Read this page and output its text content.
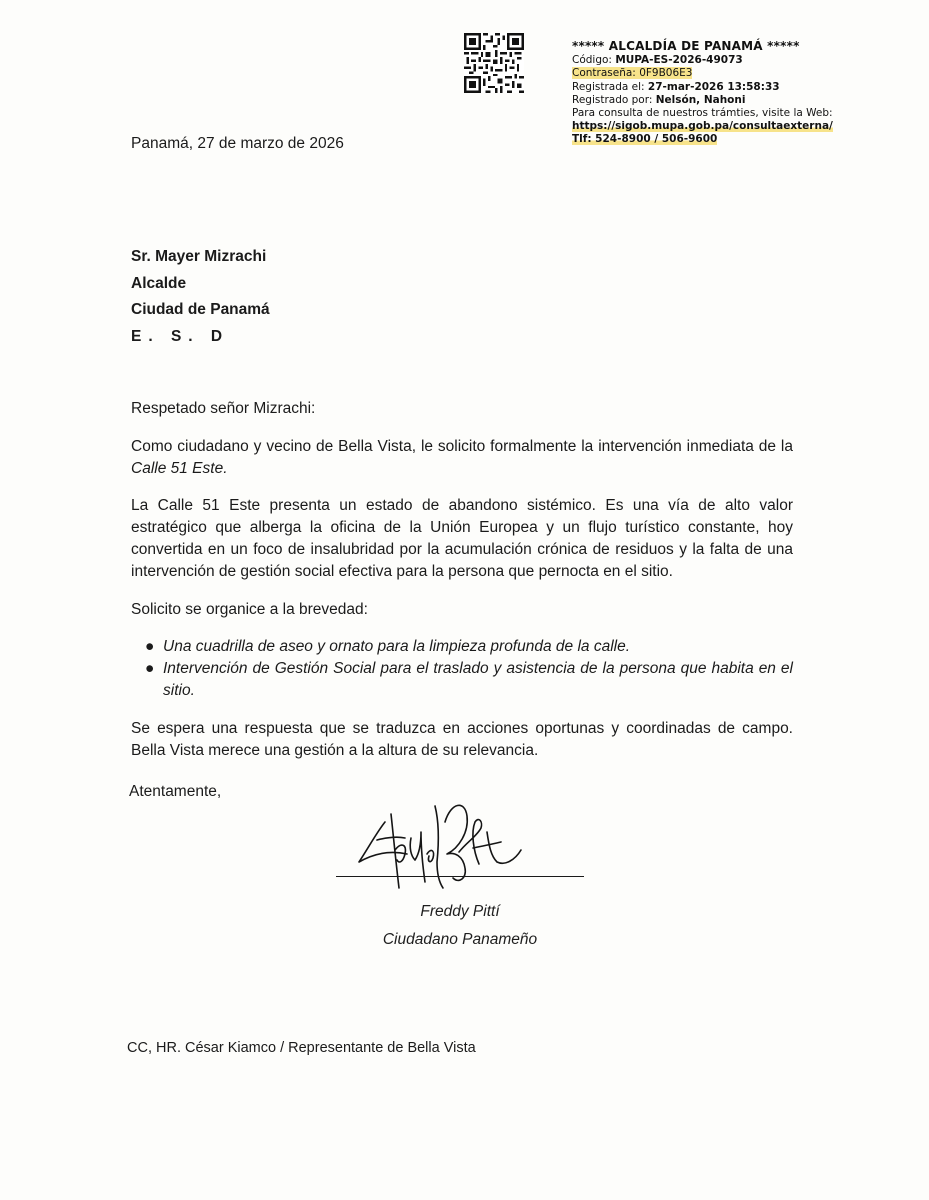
***** ALCALDÍA DE PANAMÁ *****
Código: MUPA-ES-2026-49073
Contraseña: 0F9B06E3
Registrada el: 27-mar-2026 13:58:33
Registrado por: Nelsón, Nahoni
Para consulta de nuestros trámties, visite la Web:
https://sigob.mupa.gob.pa/consultaexterna/
Tlf: 524-8900 / 506-9600
Panamá, 27 de marzo de 2026
Sr. Mayer Mizrachi
Alcalde
Ciudad de Panamá
E. S. D
Respetado señor Mizrachi:
Como ciudadano y vecino de Bella Vista, le solicito formalmente la intervención inmediata de la Calle 51 Este.
La Calle 51 Este presenta un estado de abandono sistémico. Es una vía de alto valor estratégico que alberga la oficina de la Unión Europea y un flujo turístico constante, hoy convertida en un foco de insalubridad por la acumulación crónica de residuos y la falta de una intervención de gestión social efectiva para la persona que pernocta en el sitio.
Solicito se organice a la brevedad:
● Una cuadrilla de aseo y ornato para la limpieza profunda de la calle.
● Intervención de Gestión Social para el traslado y asistencia de la persona que habita en el sitio.
Se espera una respuesta que se traduzca en acciones oportunas y coordinadas de campo. Bella Vista merece una gestión a la altura de su relevancia.
Atentamente,
Freddy Pittí
Ciudadano Panameño
CC, HR. César Kiamco / Representante de Bella Vista
